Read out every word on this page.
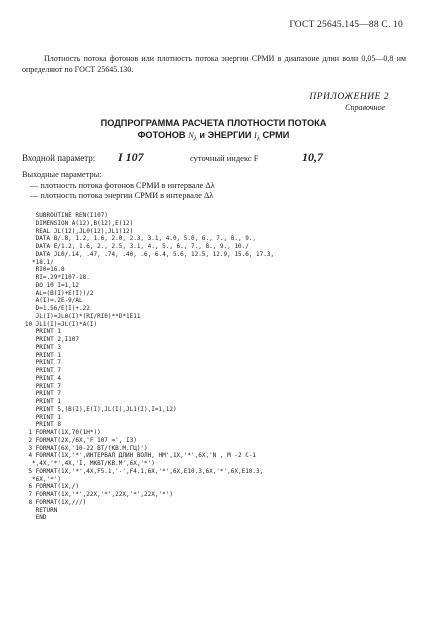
ГОСТ 25645.145—88 С. 10
Плотность потока фотонов или плотность потока энергии СРМИ в диапазоне длин волн 0,05—0,8 нм определяют по ГОСТ 25645.130.
ПРИЛОЖЕНИЕ 2
Справочное
ПОДПРОГРАММА РАСЧЕТА ПЛОТНОСТИ ПОТОКА
ФОТОНОВ $N_\lambda$ и ЭНЕРГИИ $I_\lambda$ СРМИ
Входной параметр: I 107	суточный индекс F	10,7
Выходные параметры:
— плотность потока фотонов СРМИ в интервале Δλ
— плотность потока энергии СРМИ в интервале Δλ
SUBROUTINE REN(I107)
DIMENSION A(12),B(12),E(12)
REAL JL(12),JL0(12),JL1(12)
DATA B/.8, 1.2, 1.6, 2.0, 2.3, 3.1, 4.0, 5.0, 6., 7., 8., 9.,
DATA E/1.2, 1.6, 2., 2.5, 3.1, 4., 5., 6., 7., 8., 9., 10./
DATA JL0/.14, .47, .74, .40, .6, 6.4, 5.6, 12.5, 12.9, 15.6, 17.3,
*18.1/
RI0=16.8
RI=.29*I107-18.
DO 10 I=1,12
AL=(B(I)+E(I))/2
A(I)=.2E-9/AL
D=1.56/E(I)+.22
JL(I)=JL0(I)*(RI/RI0)**D*1E11
10 JL1(I)=JL(I)*A(I)
PRINT 1
PRINT 2,I107
PRINT 3
PRINT 1
PRINT 7
PRINT 7
PRINT 4
PRINT 7
PRINT 7
PRINT 1
PRINT 5,(B(I),E(I),JL(I),JL1(I),I=1,12)
PRINT 1
PRINT 8
1 FORMAT(1X,70(1H*))
2 FORMAT(2X,/6X,'F 107 =', I3)
3 FORMAT(6X,'10-22 ВТ/(КВ.М.ГЦ)')
4 FORMAT(1X,'*',ИНТЕРВАЛ ДЛИН ВОЛН, НМ',1X,'*',6X,'N , M -2 C-1
*,4X,'*',4X,'I, МКВТ/КВ.М',6X,'*')
5 FORMAT(1X,'*',4X,F5.1,'-',F4.1,6X,'*',6X,E10.3,6X,'*',6X,E10.3,
*6X,'*')
6 FORMAT(1X,/)
7 FORMAT(1X,'*',22X,'*',22X,'*',22X,'*')
8 FORMAT(1X,///)
RETURN
END
